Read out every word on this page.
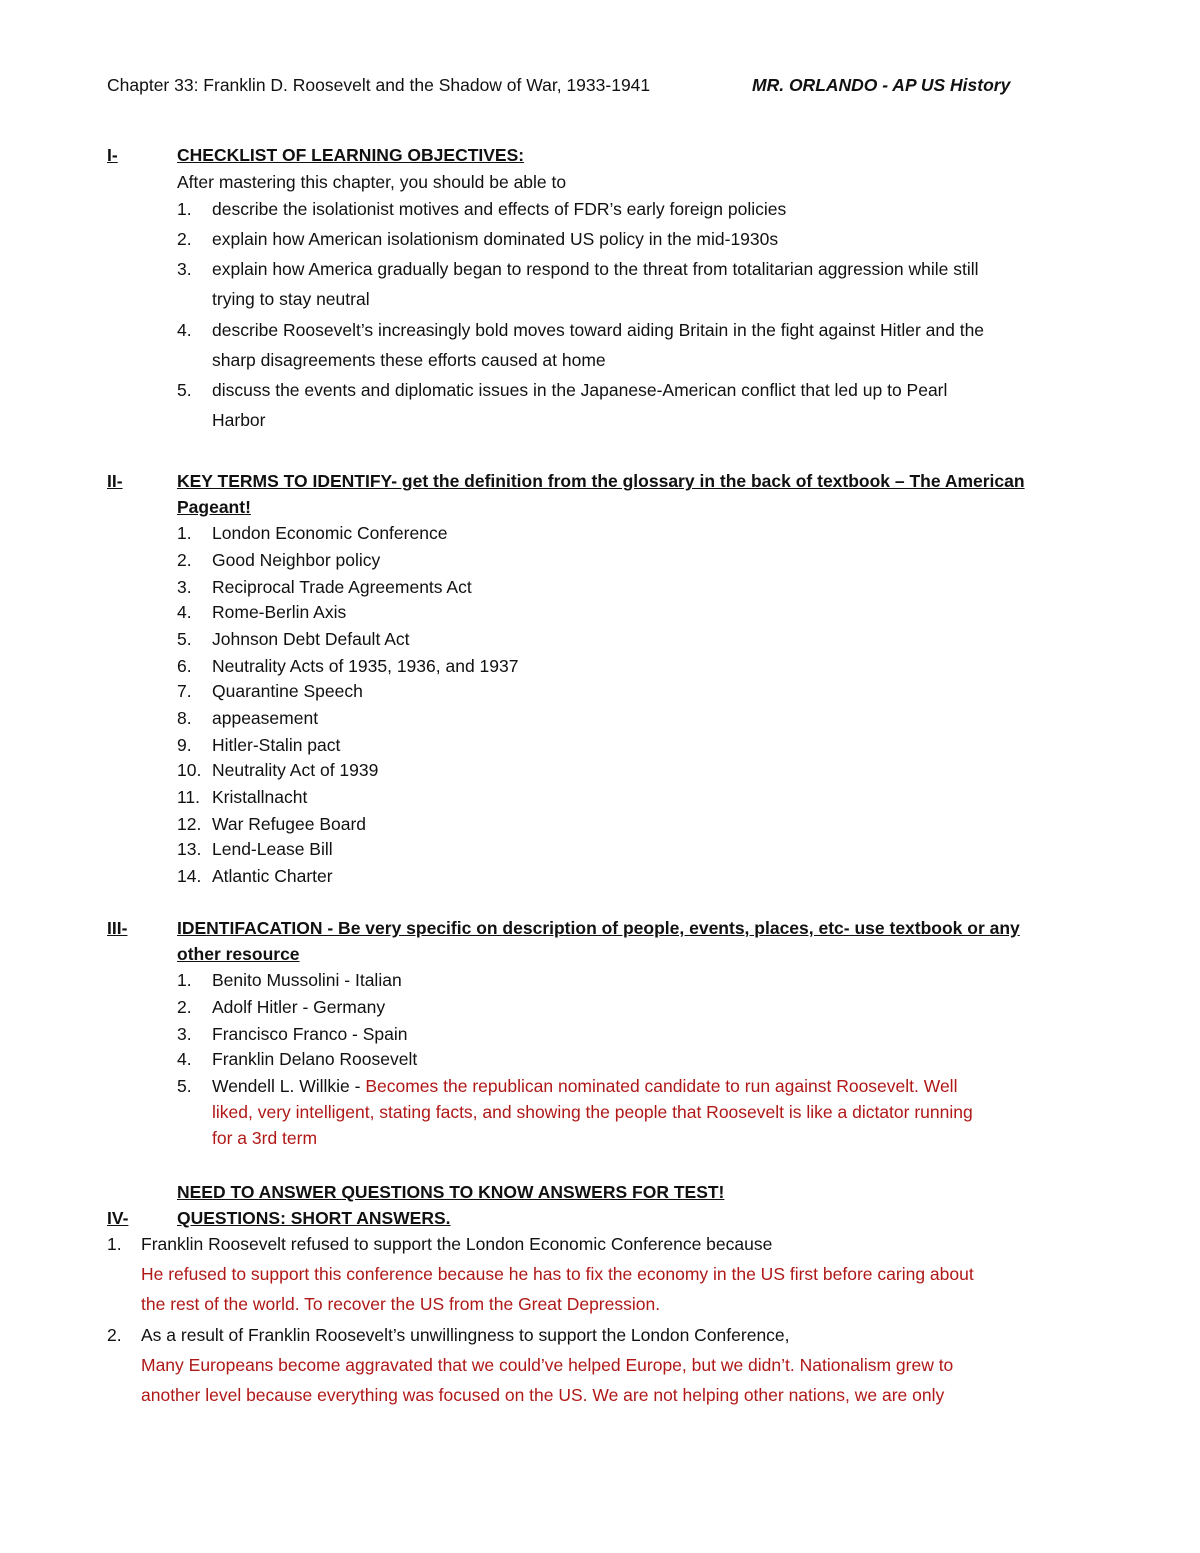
Chapter 33: Franklin D. Roosevelt and the Shadow of War, 1933-1941	MR. ORLANDO - AP US History
I-	CHECKLIST OF LEARNING OBJECTIVES:
After mastering this chapter, you should be able to
1.	describe the isolationist motives and effects of FDR’s early foreign policies
2.	explain how American isolationism dominated US policy in the mid-1930s
3.	explain how America gradually began to respond to the threat from totalitarian aggression while still
trying to stay neutral
4.	describe Roosevelt’s increasingly bold moves toward aiding Britain in the fight against Hitler and the
sharp disagreements these efforts caused at home
5.	discuss the events and diplomatic issues in the Japanese-American conflict that led up to Pearl
Harbor
II-	KEY TERMS TO IDENTIFY- get the definition from the glossary in the back of textbook – The American
Pageant!
1.	London Economic Conference
2.	Good Neighbor policy
3.	Reciprocal Trade Agreements Act
4.	Rome-Berlin Axis
5.	Johnson Debt Default Act
6.	Neutrality Acts of 1935, 1936, and 1937
7.	Quarantine Speech
8.	appeasement
9.	Hitler-Stalin pact
10. Neutrality Act of 1939
11. Kristallnacht
12. War Refugee Board
13. Lend-Lease Bill
14. Atlantic Charter
III-	IDENTIFACATION - Be very specific on description of people, events, places, etc- use textbook or any
other resource
1.	Benito Mussolini - Italian
2.	Adolf Hitler - Germany
3.	Francisco Franco - Spain
4.	Franklin Delano Roosevelt
5.	Wendell L. Willkie - Becomes the republican nominated candidate to run against Roosevelt. Well
liked, very intelligent, stating facts, and showing the people that Roosevelt is like a dictator running
for a 3rd term
NEED TO ANSWER QUESTIONS TO KNOW ANSWERS FOR TEST!
IV-	QUESTIONS: SHORT ANSWERS.
1.	Franklin Roosevelt refused to support the London Economic Conference because
He refused to support this conference because he has to fix the economy in the US first before caring about
the rest of the world. To recover the US from the Great Depression.
2.	As a result of Franklin Roosevelt’s unwillingness to support the London Conference,
Many Europeans become aggravated that we could’ve helped Europe, but we didn’t. Nationalism grew to
another level because everything was focused on the US. We are not helping other nations, we are only
